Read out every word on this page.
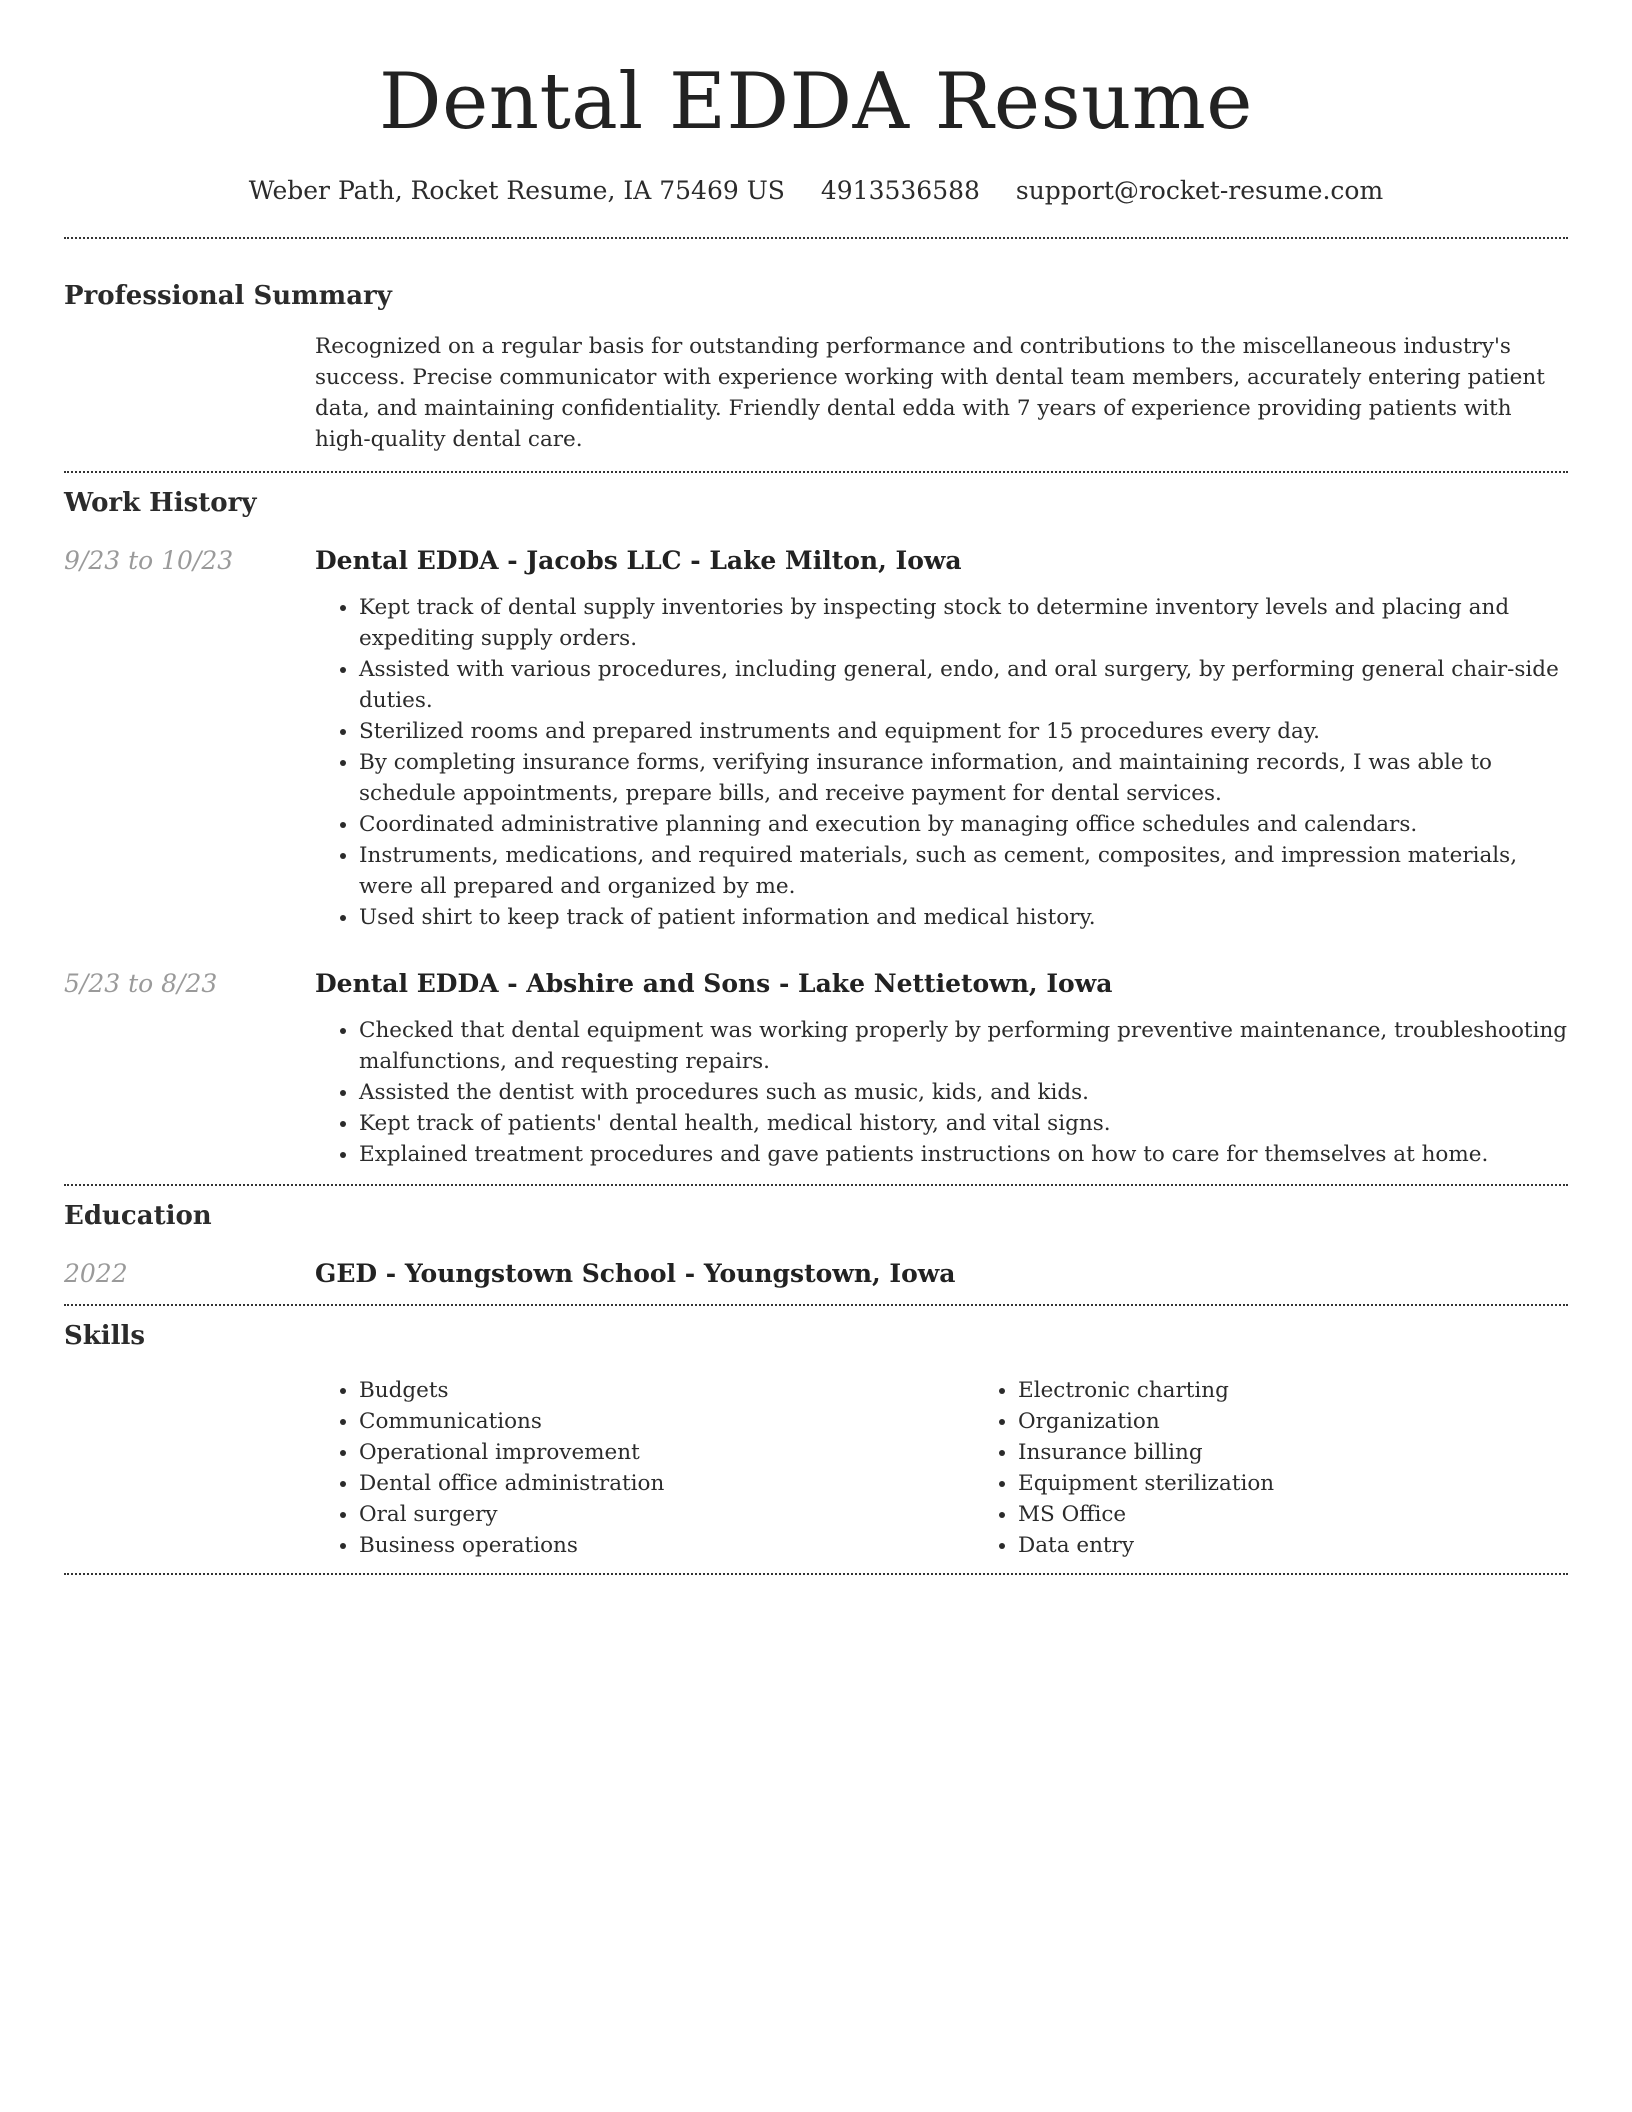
Dental EDDA Resume
Weber Path, Rocket Resume, IA 75469 US 4913536588 support@rocket-resume.com
Professional Summary

Recognized on a regular basis for outstanding performance and contributions to the miscellaneous industry's success. Precise communicator with experience working with dental team members, accurately entering patient data, and maintaining confidentiality. Friendly dental edda with 7 years of experience providing patients with high-quality dental care.

Work History
9/23 to 10/23	Dental EDDA - Jacobs LLC - Lake Milton, Iowa
• Kept track of dental supply inventories by inspecting stock to determine inventory levels and placing and expediting supply orders.
• Assisted with various procedures, including general, endo, and oral surgery, by performing general chair-side duties.
• Sterilized rooms and prepared instruments and equipment for 15 procedures every day.
• By completing insurance forms, verifying insurance information, and maintaining records, I was able to schedule appointments, prepare bills, and receive payment for dental services.
• Coordinated administrative planning and execution by managing office schedules and calendars.
• Instruments, medications, and required materials, such as cement, composites, and impression materials, were all prepared and organized by me.
• Used shirt to keep track of patient information and medical history.
5/23 to 8/23	Dental EDDA - Abshire and Sons - Lake Nettietown, Iowa
• Checked that dental equipment was working properly by performing preventive maintenance, troubleshooting malfunctions, and requesting repairs.
• Assisted the dentist with procedures such as music, kids, and kids.
• Kept track of patients' dental health, medical history, and vital signs.
• Explained treatment procedures and gave patients instructions on how to care for themselves at home.
Education
2022	GED - Youngstown School - Youngstown, Iowa
Skills
• Budgets
• Communications
• Operational improvement
• Dental office administration
• Oral surgery
• Business operations
• Electronic charting
• Organization
• Insurance billing
• Equipment sterilization
• MS Office
• Data entry
